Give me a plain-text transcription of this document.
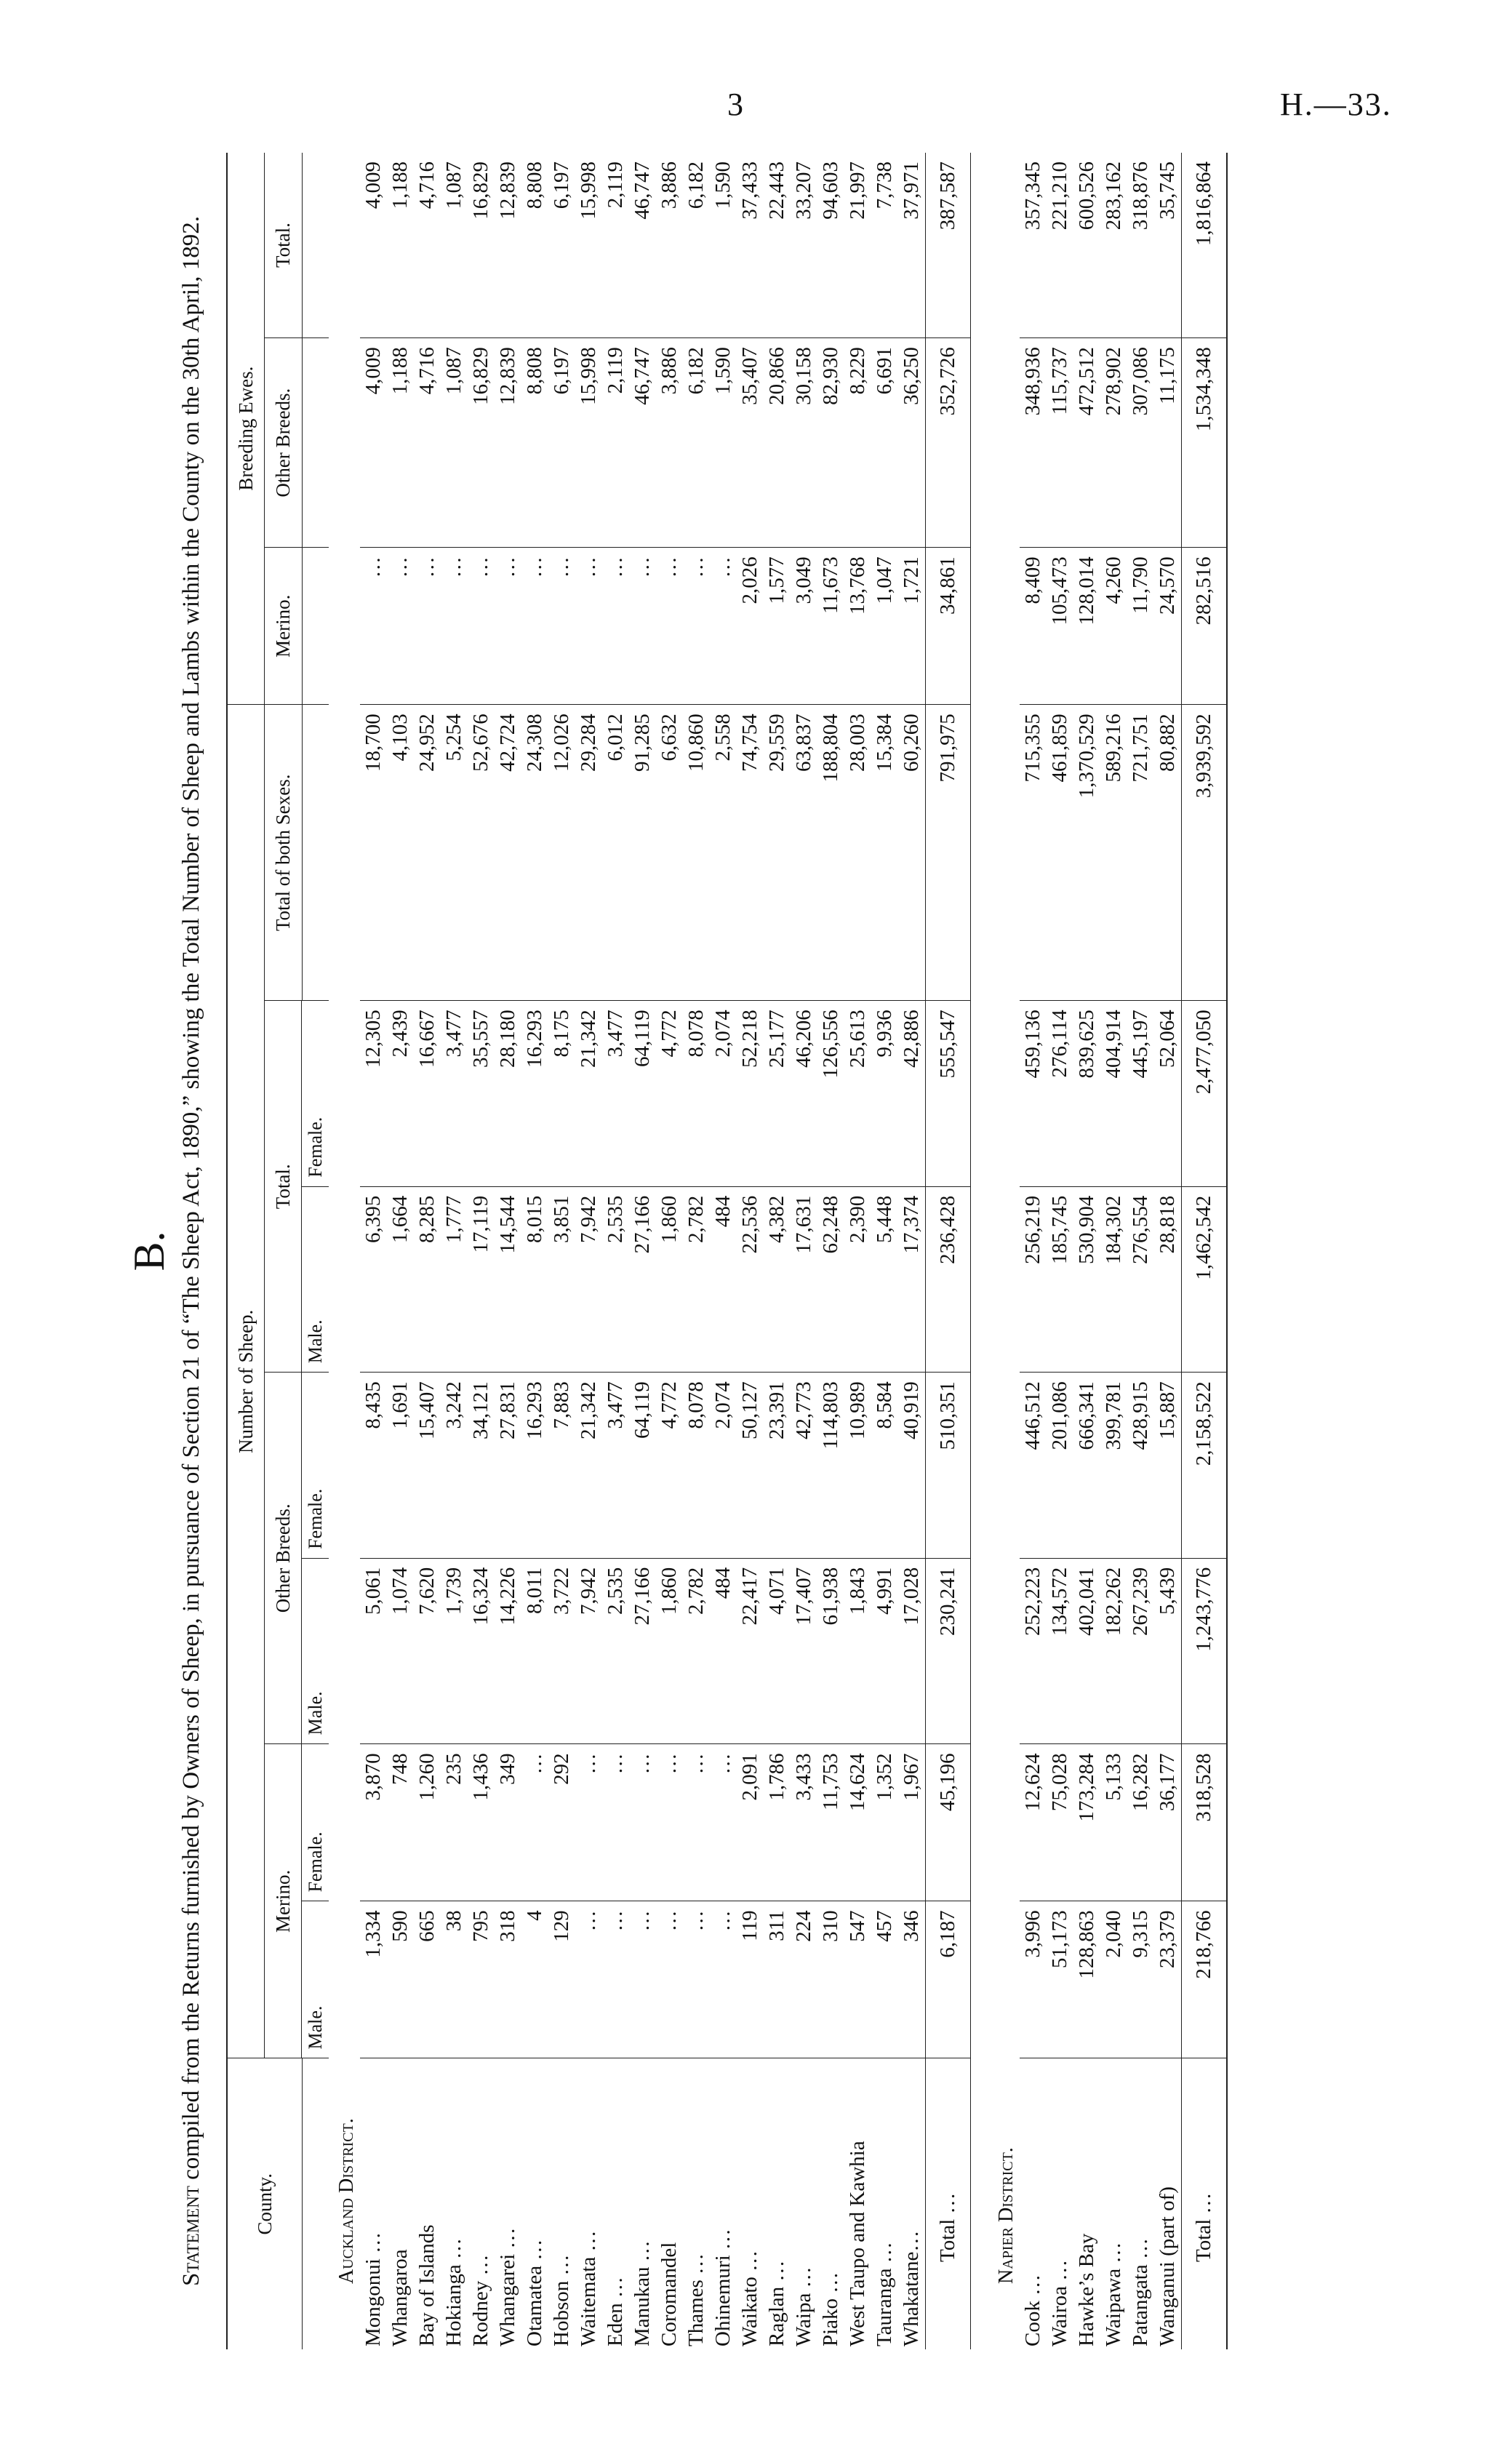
3	H.—33.
B.
Statement compiled from the Returns furnished by Owners of Sheep, in pursuance of Section 21 of “The Sheep Act, 1890,” showing the Total Number of Sheep and Lambs within the County on the 30th April, 1892.
County.	Number of Sheep.							Breeding Ewes.		
	Merino.		Other Breeds.		Total.		Total of both Sexes.	Merino.	Other Breeds.	Total.

	Male.	Female.	Male.	Female.	Male.	Female.				
Auckland District.										
Mongonui …	1,334	3,870	5,061	8,435	6,395	12,305	18,700	…	4,009	4,009
Whangaroa	590	748	1,074	1,691	1,664	2,439	4,103	…	1,188	1,188
Bay of Islands	665	1,260	7,620	15,407	8,285	16,667	24,952	…	4,716	4,716
Hokianga …	38	235	1,739	3,242	1,777	3,477	5,254	…	1,087	1,087
Rodney …	795	1,436	16,324	34,121	17,119	35,557	52,676	…	16,829	16,829
Whangarei …	318	349	14,226	27,831	14,544	28,180	42,724	…	12,839	12,839
Otamatea …	4	…	8,011	16,293	8,015	16,293	24,308	…	8,808	8,808
Hobson …	129	292	3,722	7,883	3,851	8,175	12,026	…	6,197	6,197
Waitemata …	…	…	7,942	21,342	7,942	21,342	29,284	…	15,998	15,998
Eden …	…	…	2,535	3,477	2,535	3,477	6,012	…	2,119	2,119
Manukau …	…	…	27,166	64,119	27,166	64,119	91,285	…	46,747	46,747
Coromandel	…	…	1,860	4,772	1,860	4,772	6,632	…	3,886	3,886
Thames …	…	…	2,782	8,078	2,782	8,078	10,860	…	6,182	6,182
Ohinemuri …	…	…	484	2,074	484	2,074	2,558	…	1,590	1,590
Waikato …	119	2,091	22,417	50,127	22,536	52,218	74,754	2,026	35,407	37,433
Raglan …	311	1,786	4,071	23,391	4,382	25,177	29,559	1,577	20,866	22,443
Waipa …	224	3,433	17,407	42,773	17,631	46,206	63,837	3,049	30,158	33,207
Piako …	310	11,753	61,938	114,803	62,248	126,556	188,804	11,673	82,930	94,603
West Taupo and Kawhia	547	14,624	1,843	10,989	2,390	25,613	28,003	13,768	8,229	21,997
Tauranga …	457	1,352	4,991	8,584	5,448	9,936	15,384	1,047	6,691	7,738
Whakatane…	346	1,967	17,028	40,919	17,374	42,886	60,260	1,721	36,250	37,971
Total …	6,187	45,196	230,241	510,351	236,428	555,547	791,975	34,861	352,726	387,587

Napier District.										
Cook …	3,996	12,624	252,223	446,512	256,219	459,136	715,355	8,409	348,936	357,345
Wairoa …	51,173	75,028	134,572	201,086	185,745	276,114	461,859	105,473	115,737	221,210
Hawke’s Bay	128,863	173,284	402,041	666,341	530,904	839,625	1,370,529	128,014	472,512	600,526
Waipawa …	2,040	5,133	182,262	399,781	184,302	404,914	589,216	4,260	278,902	283,162
Patangata …	9,315	16,282	267,239	428,915	276,554	445,197	721,751	11,790	307,086	318,876
Wanganui (part of)	23,379	36,177	5,439	15,887	28,818	52,064	80,882	24,570	11,175	35,745
Total …	218,766	318,528	1,243,776	2,158,522	1,462,542	2,477,050	3,939,592	282,516	1,534,348	1,816,864
